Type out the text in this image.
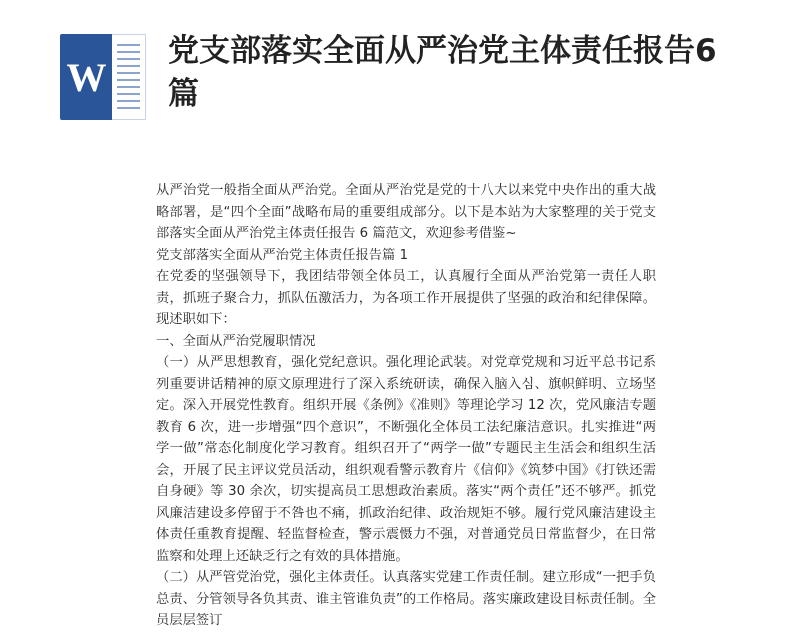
W
党支部落实全面从严治党主体责任报告6篇

从严治党一般指全面从严治党。全面从严治党是党的十八大以来党中央作出的重大战略部署，是“四个全面”战略布局的重要组成部分。以下是本站为大家整理的关于党支部落实全面从严治党主体责任报告 6 篇范文，欢迎参考借鉴~

党支部落实全面从严治党主体责任报告篇 1

在党委的坚强领导下，我团结带领全体员工，认真履行全面从严治党第一责任人职责，抓班子聚合力，抓队伍激活力，为各项工作开展提供了坚强的政治和纪律保障。现述职如下：

一、全面从严治党履职情况

（一）从严思想教育，强化党纪意识。强化理论武装。对党章党规和习近平总书记系列重要讲话精神的原文原理进行了深入系统研读，确保入脑入심、旗帜鲜明、立场坚定。深入开展党性教育。组织开展《条例》《准则》等理论学习 12 次，党风廉洁专题教育 6 次，进一步增强“四个意识”，不断强化全体员工法纪廉洁意识。扎实推进“两学一做”常态化制度化学习教育。组织召开了“两学一做”专题民主生活会和组织生活会，开展了民主评议党员活动，组织观看警示教育片《信仰》《筑梦中国》《打铁还需自身硬》等 30 余次，切实提高员工思想政治素质。落实“两个责任”还不够严。抓党风廉洁建设多停留于不咎也不痛，抓政治纪律、政治规矩不够。履行党风廉洁建设主体责任重教育提醒、轻监督检查，警示震慑力不强，对普通党员日常监督少，在日常监察和处理上还缺乏行之有效的具体措施。

（二）从严管党治党，强化主体责任。认真落实党建工作责任制。建立形成“一把手负总责、分管领导各负其责、谁主管谁负责”的工作格局。落实廉政建设目标责任制。全员层层签订
